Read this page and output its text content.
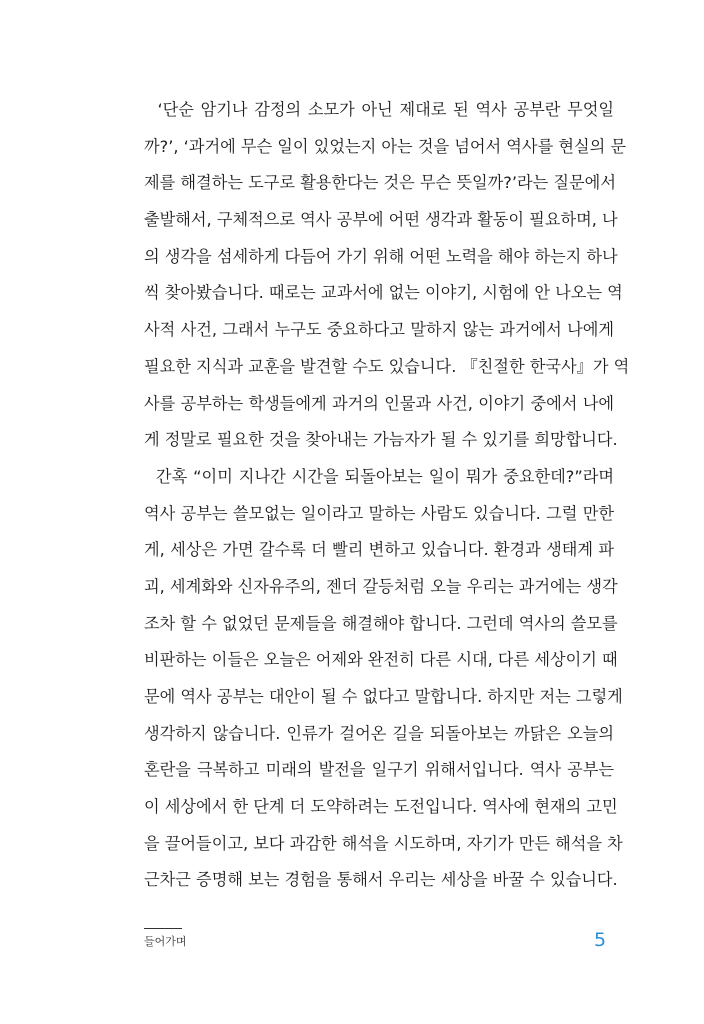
‘단순 암기나 감정의 소모가 아닌 제대로 된 역사 공부란 무엇일
까?’, ‘과거에 무슨 일이 있었는지 아는 것을 넘어서 역사를 현실의 문
제를 해결하는 도구로 활용한다는 것은 무슨 뜻일까?’라는 질문에서
출발해서, 구체적으로 역사 공부에 어떤 생각과 활동이 필요하며, 나
의 생각을 섬세하게 다듬어 가기 위해 어떤 노력을 해야 하는지 하나
씩 찾아봤습니다. 때로는 교과서에 없는 이야기, 시험에 안 나오는 역
사적 사건, 그래서 누구도 중요하다고 말하지 않는 과거에서 나에게
필요한 지식과 교훈을 발견할 수도 있습니다. 『친절한 한국사』가 역
사를 공부하는 학생들에게 과거의 인물과 사건, 이야기 중에서 나에
게 정말로 필요한 것을 찾아내는 가늠자가 될 수 있기를 희망합니다.
간혹 “이미 지나간 시간을 되돌아보는 일이 뭐가 중요한데?”라며
역사 공부는 쓸모없는 일이라고 말하는 사람도 있습니다. 그럴 만한
게, 세상은 가면 갈수록 더 빨리 변하고 있습니다. 환경과 생태계 파
괴, 세계화와 신자유주의, 젠더 갈등처럼 오늘 우리는 과거에는 생각
조차 할 수 없었던 문제들을 해결해야 합니다. 그런데 역사의 쓸모를
비판하는 이들은 오늘은 어제와 완전히 다른 시대, 다른 세상이기 때
문에 역사 공부는 대안이 될 수 없다고 말합니다. 하지만 저는 그렇게
생각하지 않습니다. 인류가 걸어온 길을 되돌아보는 까닭은 오늘의
혼란을 극복하고 미래의 발전을 일구기 위해서입니다. 역사 공부는
이 세상에서 한 단계 더 도약하려는 도전입니다. 역사에 현재의 고민
을 끌어들이고, 보다 과감한 해석을 시도하며, 자기가 만든 해석을 차
근차근 증명해 보는 경험을 통해서 우리는 세상을 바꿀 수 있습니다.
들어가며	5
